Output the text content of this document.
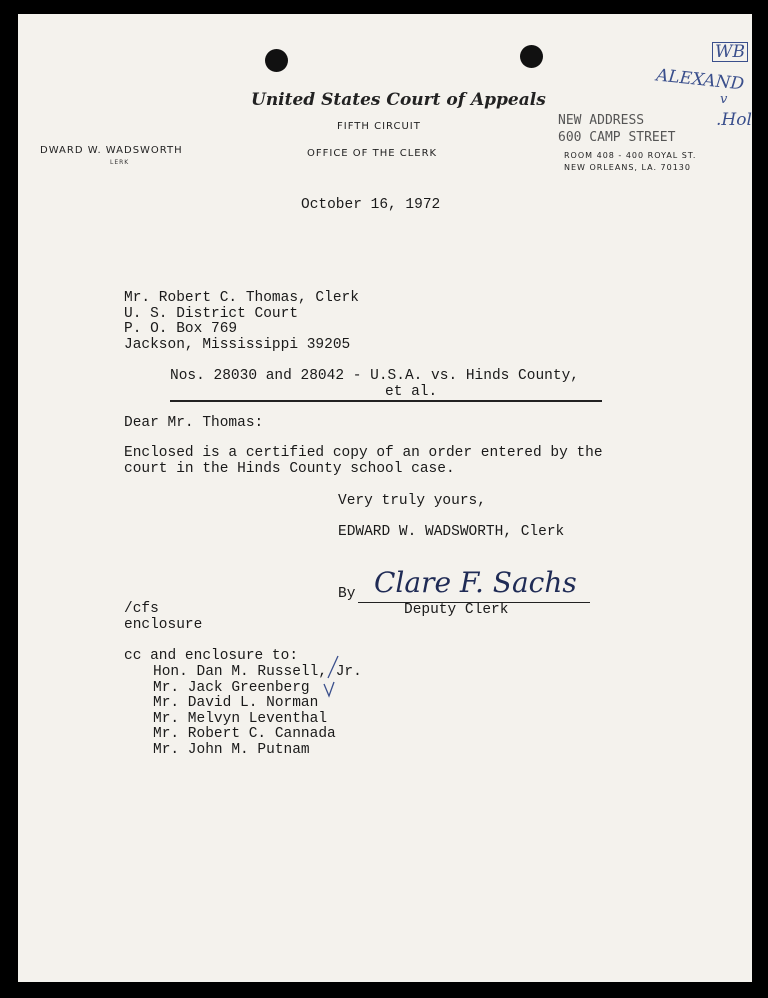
United States Court of Appeals
FIFTH CIRCUIT
OFFICE OF THE CLERK
DWARD W. WADSWORTH
LERK
NEW ADDRESS
600 CAMP STREET
ROOM 408 - 400 ROYAL ST.
NEW ORLEANS, LA. 70130
WB
ALEXAND
v
.Hol
October 16, 1972
Mr. Robert C. Thomas, Clerk
U. S. District Court
P. O. Box 769
Jackson, Mississippi 39205
Nos. 28030 and 28042 - U.S.A. vs. Hinds County,
et al.
Dear Mr. Thomas:
Enclosed is a certified copy of an order entered by the
court in the Hinds County school case.
Very truly yours,
EDWARD W. WADSWORTH, Clerk
By Clare F. Sachs
Deputy Clerk
/cfs
enclosure
cc and enclosure to:
Hon. Dan M. Russell, Jr.
Mr. Jack Greenberg
Mr. David L. Norman
Mr. Melvyn Leventhal
Mr. Robert C. Cannada
Mr. John M. Putnam
